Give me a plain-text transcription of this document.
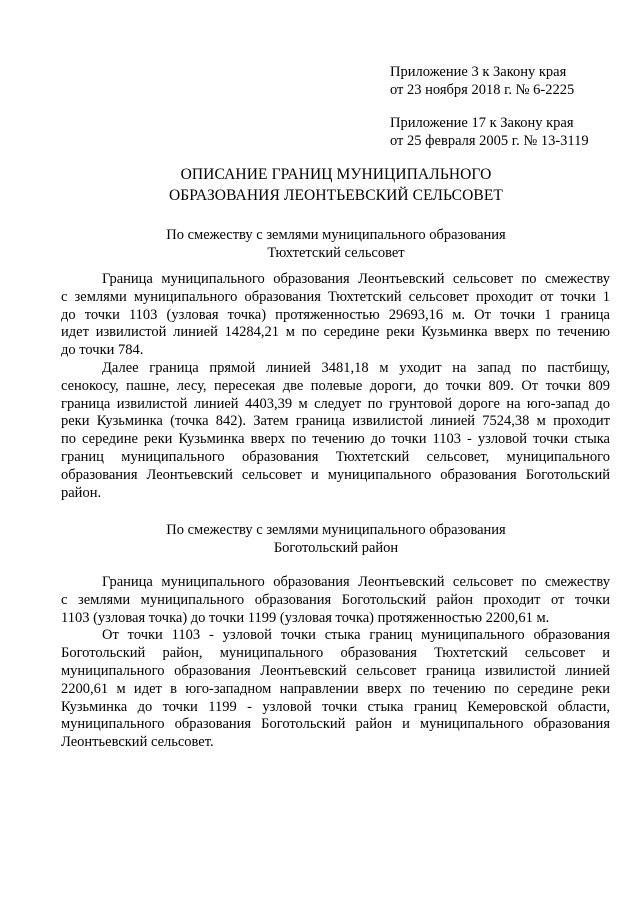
Приложение 3 к Закону края
от 23 ноября 2018 г. № 6-2225
Приложение 17 к Закону края
от 25 февраля 2005 г. № 13-3119
ОПИСАНИЕ ГРАНИЦ МУНИЦИПАЛЬНОГО
ОБРАЗОВАНИЯ ЛЕОНТЬЕВСКИЙ СЕЛЬСОВЕТ
По смежеству с землями муниципального образования
Тюхтетский сельсовет
Граница муниципального образования Леонтьевский сельсовет по смежеству
с землями муниципального образования Тюхтетский сельсовет проходит от точки 1
до точки 1103 (узловая точка) протяженностью 29693,16 м. От точки 1 граница
идет извилистой линией 14284,21 м по середине реки Кузьминка вверх по течению
до точки 784.
Далее граница прямой линией 3481,18 м уходит на запад по пастбищу,
сенокосу, пашне, лесу, пересекая две полевые дороги, до точки 809. От точки 809
граница извилистой линией 4403,39 м следует по грунтовой дороге на юго-запад до
реки Кузьминка (точка 842). Затем граница извилистой линией 7524,38 м проходит
по середине реки Кузьминка вверх по течению до точки 1103 - узловой точки стыка
границ муниципального образования Тюхтетский сельсовет, муниципального
образования Леонтьевский сельсовет и муниципального образования Боготольский
район.
По смежеству с землями муниципального образования
Боготольский район
Граница муниципального образования Леонтьевский сельсовет по смежеству
с землями муниципального образования Боготольский район проходит от точки
1103 (узловая точка) до точки 1199 (узловая точка) протяженностью 2200,61 м.
От точки 1103 - узловой точки стыка границ муниципального образования
Боготольский район, муниципального образования Тюхтетский сельсовет и
муниципального образования Леонтьевский сельсовет граница извилистой линией
2200,61 м идет в юго-западном направлении вверх по течению по середине реки
Кузьминка до точки 1199 - узловой точки стыка границ Кемеровской области,
муниципального образования Боготольский район и муниципального образования
Леонтьевский сельсовет.
